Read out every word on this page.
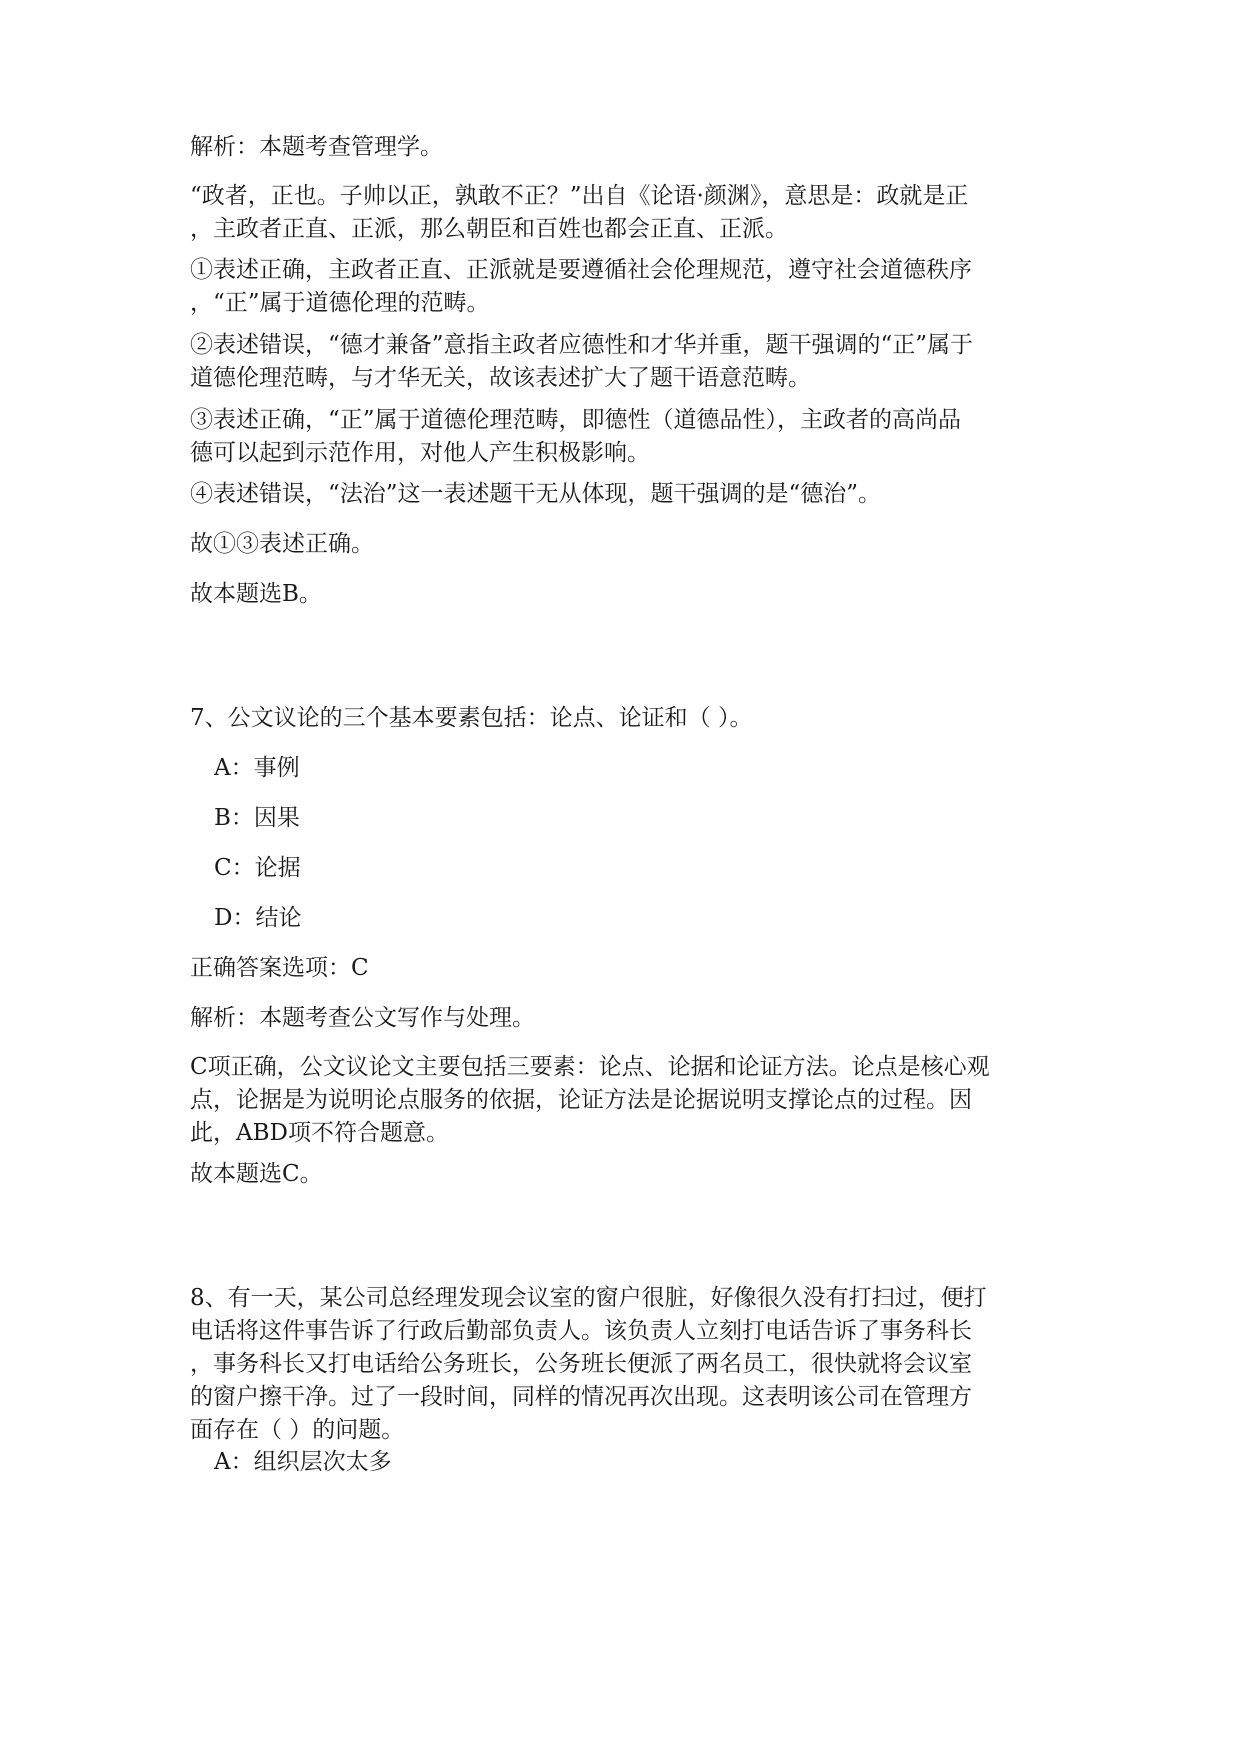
解析：本题考查管理学。

“政者，正也。子帅以正，孰敢不正？”出自《论语·颜渊》，意思是：政就是正
，主政者正直、正派，那么朝臣和百姓也都会正直、正派。

①表述正确，主政者正直、正派就是要遵循社会伦理规范，遵守社会道德秩序
，“正”属于道德伦理的范畴。

②表述错误，“德才兼备”意指主政者应德性和才华并重，题干强调的“正”属于
道德伦理范畴，与才华无关，故该表述扩大了题干语意范畴。

③表述正确，“正”属于道德伦理范畴，即德性（道德品性），主政者的高尚品
德可以起到示范作用，对他人产生积极影响。

④表述错误，“法治”这一表述题干无从体现，题干强调的是“德治”。

故①③表述正确。

故本题选B。

7、公文议论的三个基本要素包括：论点、论证和（ ）。

A：事例

B：因果

C：论据

D：结论

正确答案选项：C

解析：本题考查公文写作与处理。

C项正确，公文议论文主要包括三要素：论点、论据和论证方法。论点是核心观
点，论据是为说明论点服务的依据，论证方法是论据说明支撑论点的过程。因
此，ABD项不符合题意。

故本题选C。

8、有一天，某公司总经理发现会议室的窗户很脏，好像很久没有打扫过，便打
电话将这件事告诉了行政后勤部负责人。该负责人立刻打电话告诉了事务科长
，事务科长又打电话给公务班长，公务班长便派了两名员工，很快就将会议室
的窗户擦干净。过了一段时间，同样的情况再次出现。这表明该公司在管理方
面存在（ ）的问题。

A：组织层次太多
